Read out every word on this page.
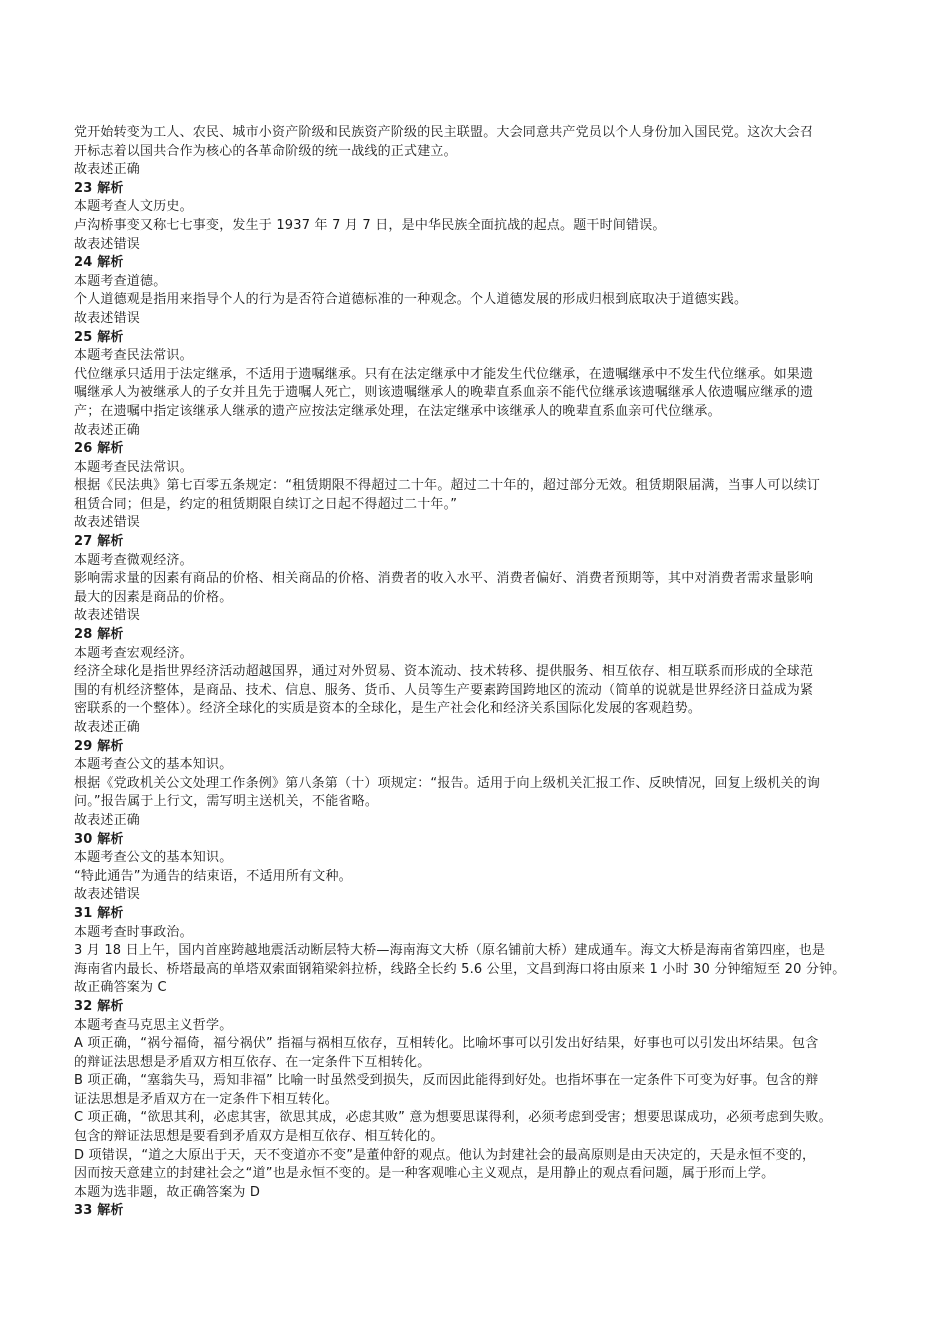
党开始转变为工人、农民、城市小资产阶级和民族资产阶级的民主联盟。大会同意共产党员以个人身份加入国民党。这次大会召
开标志着以国共合作为核心的各革命阶级的统一战线的正式建立。
故表述正确
23 解析
本题考查人文历史。
卢沟桥事变又称七七事变，发生于 1937 年 7 月 7 日，是中华民族全面抗战的起点。题干时间错误。
故表述错误
24 解析
本题考查道德。
个人道德观是指用来指导个人的行为是否符合道德标准的一种观念。个人道德发展的形成归根到底取决于道德实践。
故表述错误
25 解析
本题考查民法常识。
代位继承只适用于法定继承，不适用于遗嘱继承。只有在法定继承中才能发生代位继承，在遗嘱继承中不发生代位继承。如果遗
嘱继承人为被继承人的子女并且先于遗嘱人死亡，则该遗嘱继承人的晚辈直系血亲不能代位继承该遗嘱继承人依遗嘱应继承的遗
产；在遗嘱中指定该继承人继承的遗产应按法定继承处理，在法定继承中该继承人的晚辈直系血亲可代位继承。
故表述正确
26 解析
本题考查民法常识。
根据《民法典》第七百零五条规定：“租赁期限不得超过二十年。超过二十年的，超过部分无效。租赁期限届满，当事人可以续订
租赁合同；但是，约定的租赁期限自续订之日起不得超过二十年。”
故表述错误
27 解析
本题考查微观经济。
影响需求量的因素有商品的价格、相关商品的价格、消费者的收入水平、消费者偏好、消费者预期等，其中对消费者需求量影响
最大的因素是商品的价格。
故表述错误
28 解析
本题考查宏观经济。
经济全球化是指世界经济活动超越国界，通过对外贸易、资本流动、技术转移、提供服务、相互依存、相互联系而形成的全球范
围的有机经济整体，是商品、技术、信息、服务、货币、人员等生产要素跨国跨地区的流动（简单的说就是世界经济日益成为紧
密联系的一个整体）。经济全球化的实质是资本的全球化，是生产社会化和经济关系国际化发展的客观趋势。
故表述正确
29 解析
本题考查公文的基本知识。
根据《党政机关公文处理工作条例》第八条第（十）项规定：“报告。适用于向上级机关汇报工作、反映情况，回复上级机关的询
问。”报告属于上行文，需写明主送机关，不能省略。
故表述正确
30 解析
本题考查公文的基本知识。
“特此通告”为通告的结束语，不适用所有文种。
故表述错误
31 解析
本题考查时事政治。
3 月 18 日上午，国内首座跨越地震活动断层特大桥—海南海文大桥（原名铺前大桥）建成通车。海文大桥是海南省第四座，也是
海南省内最长、桥塔最高的单塔双索面钢箱梁斜拉桥，线路全长约 5.6 公里，文昌到海口将由原来 1 小时 30 分钟缩短至 20 分钟。
故正确答案为 C
32 解析
本题考查马克思主义哲学。
A 项正确，“祸兮福倚，福兮祸伏” 指福与祸相互依存，互相转化。比喻坏事可以引发出好结果，好事也可以引发出坏结果。包含
的辩证法思想是矛盾双方相互依存、在一定条件下互相转化。
B 项正确，“塞翁失马，焉知非福” 比喻一时虽然受到损失，反而因此能得到好处。也指坏事在一定条件下可变为好事。包含的辩
证法思想是矛盾双方在一定条件下相互转化。
C 项正确，“欲思其利，必虑其害，欲思其成，必虑其败” 意为想要思谋得利，必须考虑到受害；想要思谋成功，必须考虑到失败。
包含的辩证法思想是要看到矛盾双方是相互依存、相互转化的。
D 项错误，“道之大原出于天，天不变道亦不变”是董仲舒的观点。他认为封建社会的最高原则是由天决定的，天是永恒不变的，
因而按天意建立的封建社会之“道”也是永恒不变的。是一种客观唯心主义观点，是用静止的观点看问题，属于形而上学。
本题为选非题，故正确答案为 D
33 解析
